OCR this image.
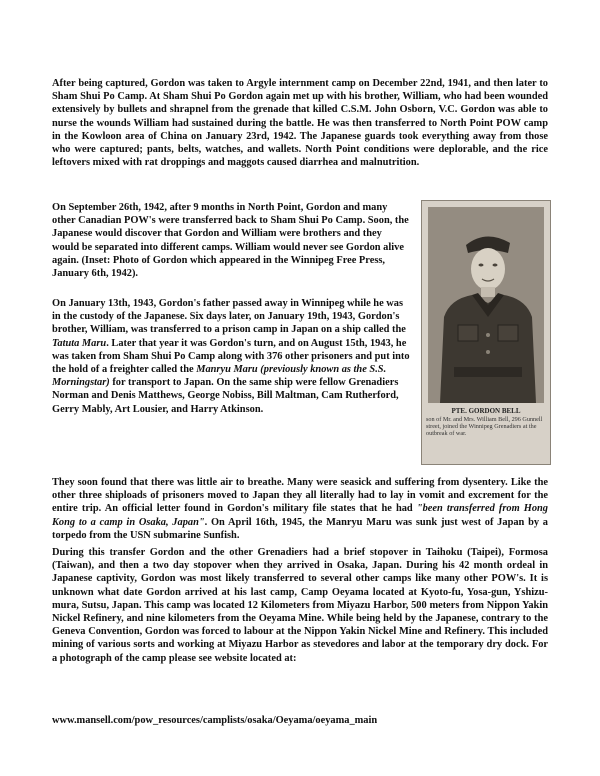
After being captured, Gordon was taken to Argyle internment camp on December 22nd, 1941, and then later to Sham Shui Po Camp. At Sham Shui Po Gordon again met up with his brother, William, who had been wounded extensively by bullets and shrapnel from the grenade that killed C.S.M. John Osborn, V.C. Gordon was able to nurse the wounds William had sustained during the battle. He was then transferred to North Point POW camp in the Kowloon area of China on January 23rd, 1942. The Japanese guards took everything away from those who were captured; pants, belts, watches, and wallets. North Point conditions were deplorable, and the rice leftovers mixed with rat droppings and maggots caused diarrhea and malnutrition.

On September 26th, 1942, after 9 months in North Point, Gordon and many other Canadian POW's were transferred back to Sham Shui Po Camp. Soon, the Japanese would discover that Gordon and William were brothers and they would be separated into different camps. William would never see Gordon alive again. (Inset: Photo of Gordon which appeared in the Winnipeg Free Press, January 6th, 1942).

On January 13th, 1943, Gordon's father passed away in Winnipeg while he was in the custody of the Japanese. Six days later, on January 19th, 1943, Gordon's brother, William, was transferred to a prison camp in Japan on a ship called the Tatuta Maru. Later that year it was Gordon's turn, and on August 15th, 1943, he was taken from Sham Shui Po Camp along with 376 other prisoners and put into the hold of a freighter called the Manryu Maru (previously known as the S.S. Morningstar) for transport to Japan. On the same ship were fellow Grenadiers Norman and Denis Matthews, George Nobiss, Bill Maltman, Cam Rutherford, Gerry Mably, Art Lousier, and Harry Atkinson.

They soon found that there was little air to breathe. Many were seasick and suffering from dysentery. Like the other three shiploads of prisoners moved to Japan they all literally had to lay in vomit and excrement for the entire trip. An official letter found in Gordon's military file states that he had "been transferred from Hong Kong to a camp in Osaka, Japan". On April 16th, 1945, the Manryu Maru was sunk just west of Japan by a torpedo from the USN submarine Sunfish.

During this transfer Gordon and the other Grenadiers had a brief stopover in Taihoku (Taipei), Formosa (Taiwan), and then a two day stopover when they arrived in Osaka, Japan. During his 42 month ordeal in Japanese captivity, Gordon was most likely transferred to several other camps like many other POW's. It is unknown what date Gordon arrived at his last camp, Camp Oeyama located at Kyoto-fu, Yosa-gun, Yshizu-mura, Sutsu, Japan. This camp was located 12 Kilometers from Miyazu Harbor, 500 meters from Nippon Yakin Nickel Refinery, and nine kilometers from the Oeyama Mine. While being held by the Japanese, contrary to the Geneva Convention, Gordon was forced to labour at the Nippon Yakin Nickel Mine and Refinery. This included mining of various sorts and working at Miyazu Harbor as stevedores and labor at the temporary dry dock. For a photograph of the camp please see website located at:

www.mansell.com/pow_resources/camplists/osaka/Oeyama/oeyama_main

PTE. GORDON BELL
son of Mr. and Mrs. William Bell, 296 Gunnell street, joined the Winnipeg Grenadiers at the outbreak of war.
